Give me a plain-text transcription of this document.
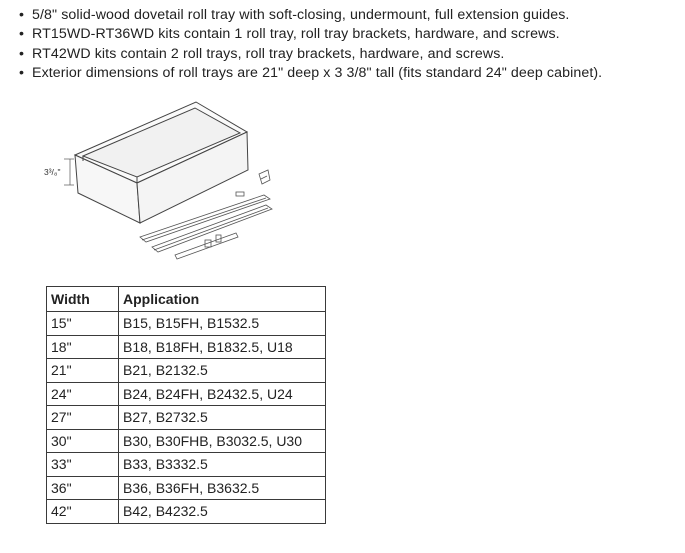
• 5/8" solid-wood dovetail roll tray with soft-closing, undermount, full extension guides.
• RT15WD-RT36WD kits contain 1 roll tray, roll tray brackets, hardware, and screws.
• RT42WD kits contain 2 roll trays, roll tray brackets, hardware, and screws.
• Exterior dimensions of roll trays are 21" deep x 3 3/8" tall (fits standard 24" deep cabinet).
3³/₈"
Width	Application
15"	B15, B15FH, B1532.5
18"	B18, B18FH, B1832.5, U18
21"	B21, B2132.5
24"	B24, B24FH, B2432.5, U24
27"	B27, B2732.5
30"	B30, B30FHB, B3032.5, U30
33"	B33, B3332.5
36"	B36, B36FH, B3632.5
42"	B42, B4232.5
